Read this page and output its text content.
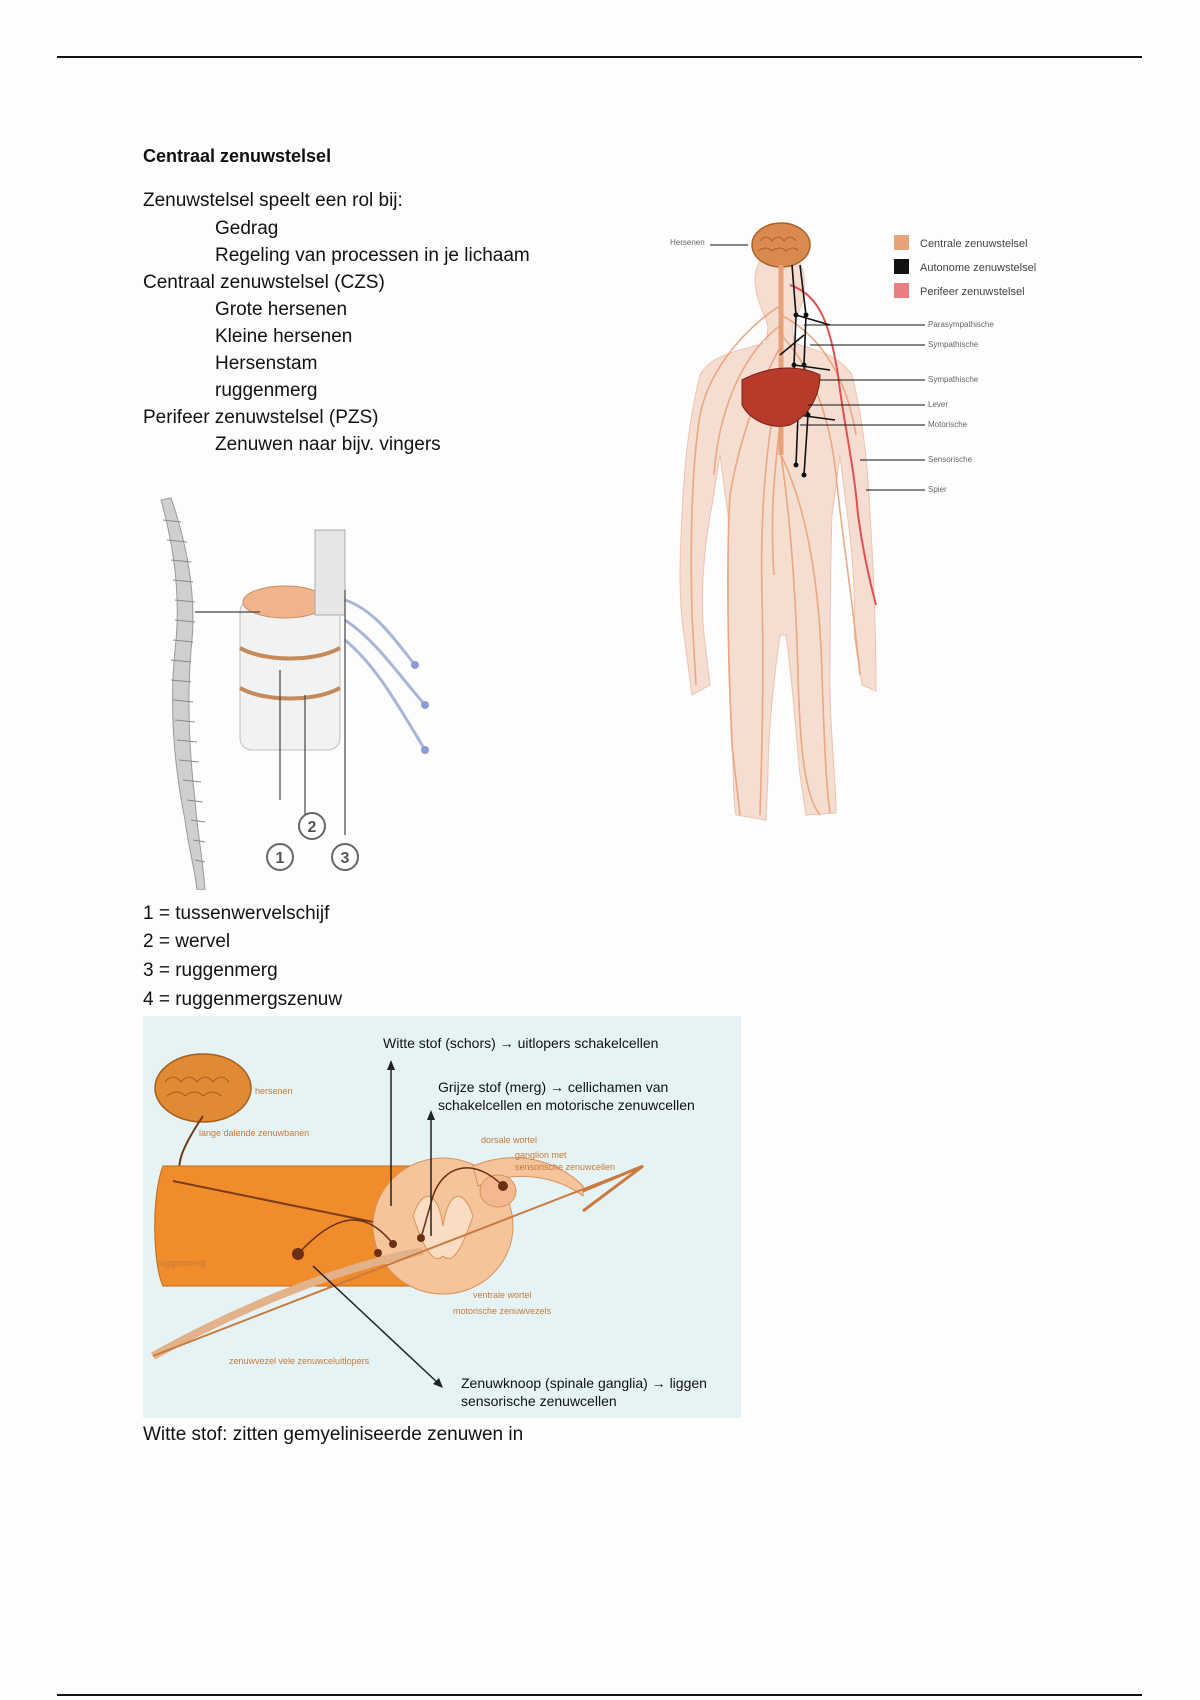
Centraal zenuwstelsel
Zenuwstelsel speelt een rol bij:
Gedrag
Regeling van processen in je lichaam
Centraal zenuwstelsel (CZS)
Grote hersenen
Kleine hersenen
Hersenstam
ruggenmerg
Perifeer zenuwstelsel (PZS)
Zenuwen naar bijv. vingers
Hersenen
Parasympathische
Sympathische
Sympathische
Lever
Motorische
Sensorische
Spier
Centrale zenuwstelsel
Autonome zenuwstelsel
Perifeer zenuwstelsel
1
2
3
1 = tussenwervelschijf
2 = wervel
3 = ruggenmerg
4 = ruggenmergszenuw
hersenen
lange dalende zenuwbanen
ruggenmerg
dorsale wortel
ganglion met
sensorische zenuwcellen
ventrale wortel
motorische zenuwvezels
zenuwvezel vele zenuwceluitlopers
Witte stof (schors) → uitlopers schakelcellen
Grijze stof (merg) → cellichamen van
schakelcellen en motorische zenuwcellen
Zenuwknoop (spinale ganglia) → liggen
sensorische zenuwcellen
Witte stof: zitten gemyeliniseerde zenuwen in
